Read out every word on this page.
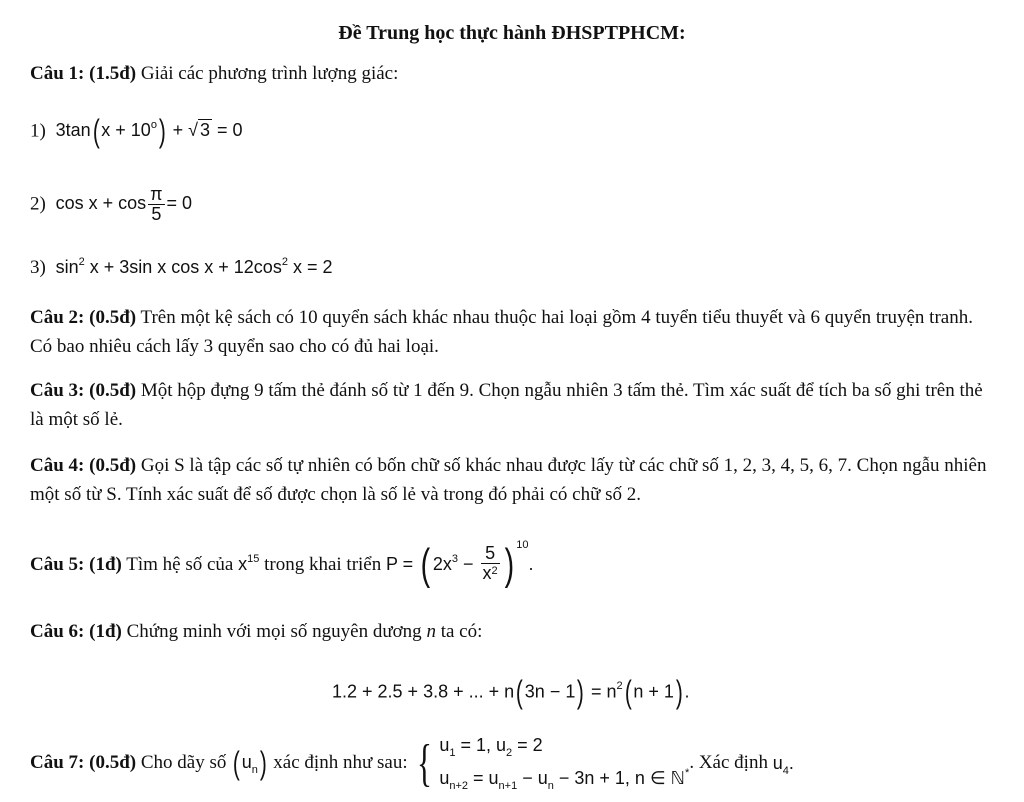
Đề Trung học thực hành ĐHSPTPHCM:
Câu 1: (1.5đ) Giải các phương trình lượng giác:
1)  3tan( $x + 10^o$) + √ 3 = 0
2)  $\cos x + \cos \frac{\pi}{5} = 0$
3)  $\sin^2 x + 3\sin$ x $\cos x + 12\cos^2$ x = 2
Câu 2: (0.5đ) Trên một kệ sách có 10 quyển sách khác nhau thuộc hai loại gồm 4 tuyển tiểu thuyết và 6 quyển truyện tranh. Có bao nhiêu cách lấy 3 quyển sao cho có đủ hai loại.
Câu 3: (0.5đ) Một hộp đựng 9 tấm thẻ đánh số từ 1 đến 9. Chọn ngẫu nhiên 3 tấm thẻ. Tìm xác suất để tích ba số ghi trên thẻ là một số lẻ.
Câu 4: (0.5đ) Gọi S là tập các số tự nhiên có bốn chữ số khác nhau được lấy từ các chữ số 1, 2, 3, 4, 5, 6, 7. Chọn ngẫu nhiên một số từ S. Tính xác suất để số được chọn là số lẻ và trong đó phải có chữ số 2.
Câu 5: (1đ) Tìm hệ số của $x^{15}$ trong khai triển P = ( $2x^3 - \frac{5}{x^2}$ ) $^{10}$.
Câu 6: (1đ) Chứng minh với mọi số nguyên dương n ta có:
1.2 + 2.5 + 3.8 + ... + n( $3n - 1) = n^2$( n + 1) .
Câu 7: (0.5đ) Cho dãy số ( $u_n$) xác định như sau: { $u_1 = 1$, $u_2 = 2$
$u_{n+2} = u_{n+1} - u_n - 3n + 1$, n ∈ ℕ* . Xác định $u_4$.
